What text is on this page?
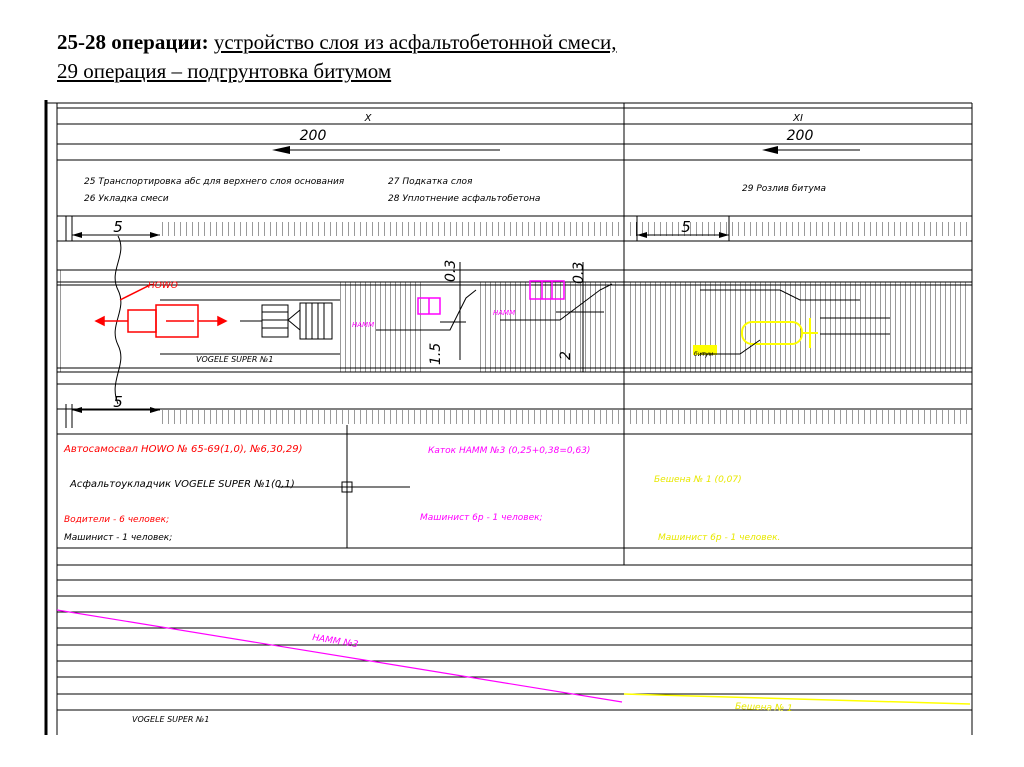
25-28 операции: устройство слоя из асфальтобетонной смеси,
29 операция – подгрунтовка битумом
X	XI
200	200
25 Транспортировка абс для верхнего слоя основания
26 Укладка смеси
27 Подкатка слоя
28 Уплотнение асфальтобетона
29 Розлив битума
5	5
5
HOWO
VOGELE SUPER №1
HAMM
HAMM
0.3	0.3
1.5	2	битум
Автосамосвал HOWO № 65-69(1,0), №6,30,29)
Асфальтоукладчик VOGELE SUPER №1(0,1)
Каток HAMM №3 (0,25+0,38=0,63)
Бешена № 1 (0,07)
Водители - 6 человек;
Машинист - 1 человек;
Машинист 6р - 1 человек;
Машинист 6р - 1 человек.
HAMM №3
Бешена № 1
VOGELE SUPER №1
